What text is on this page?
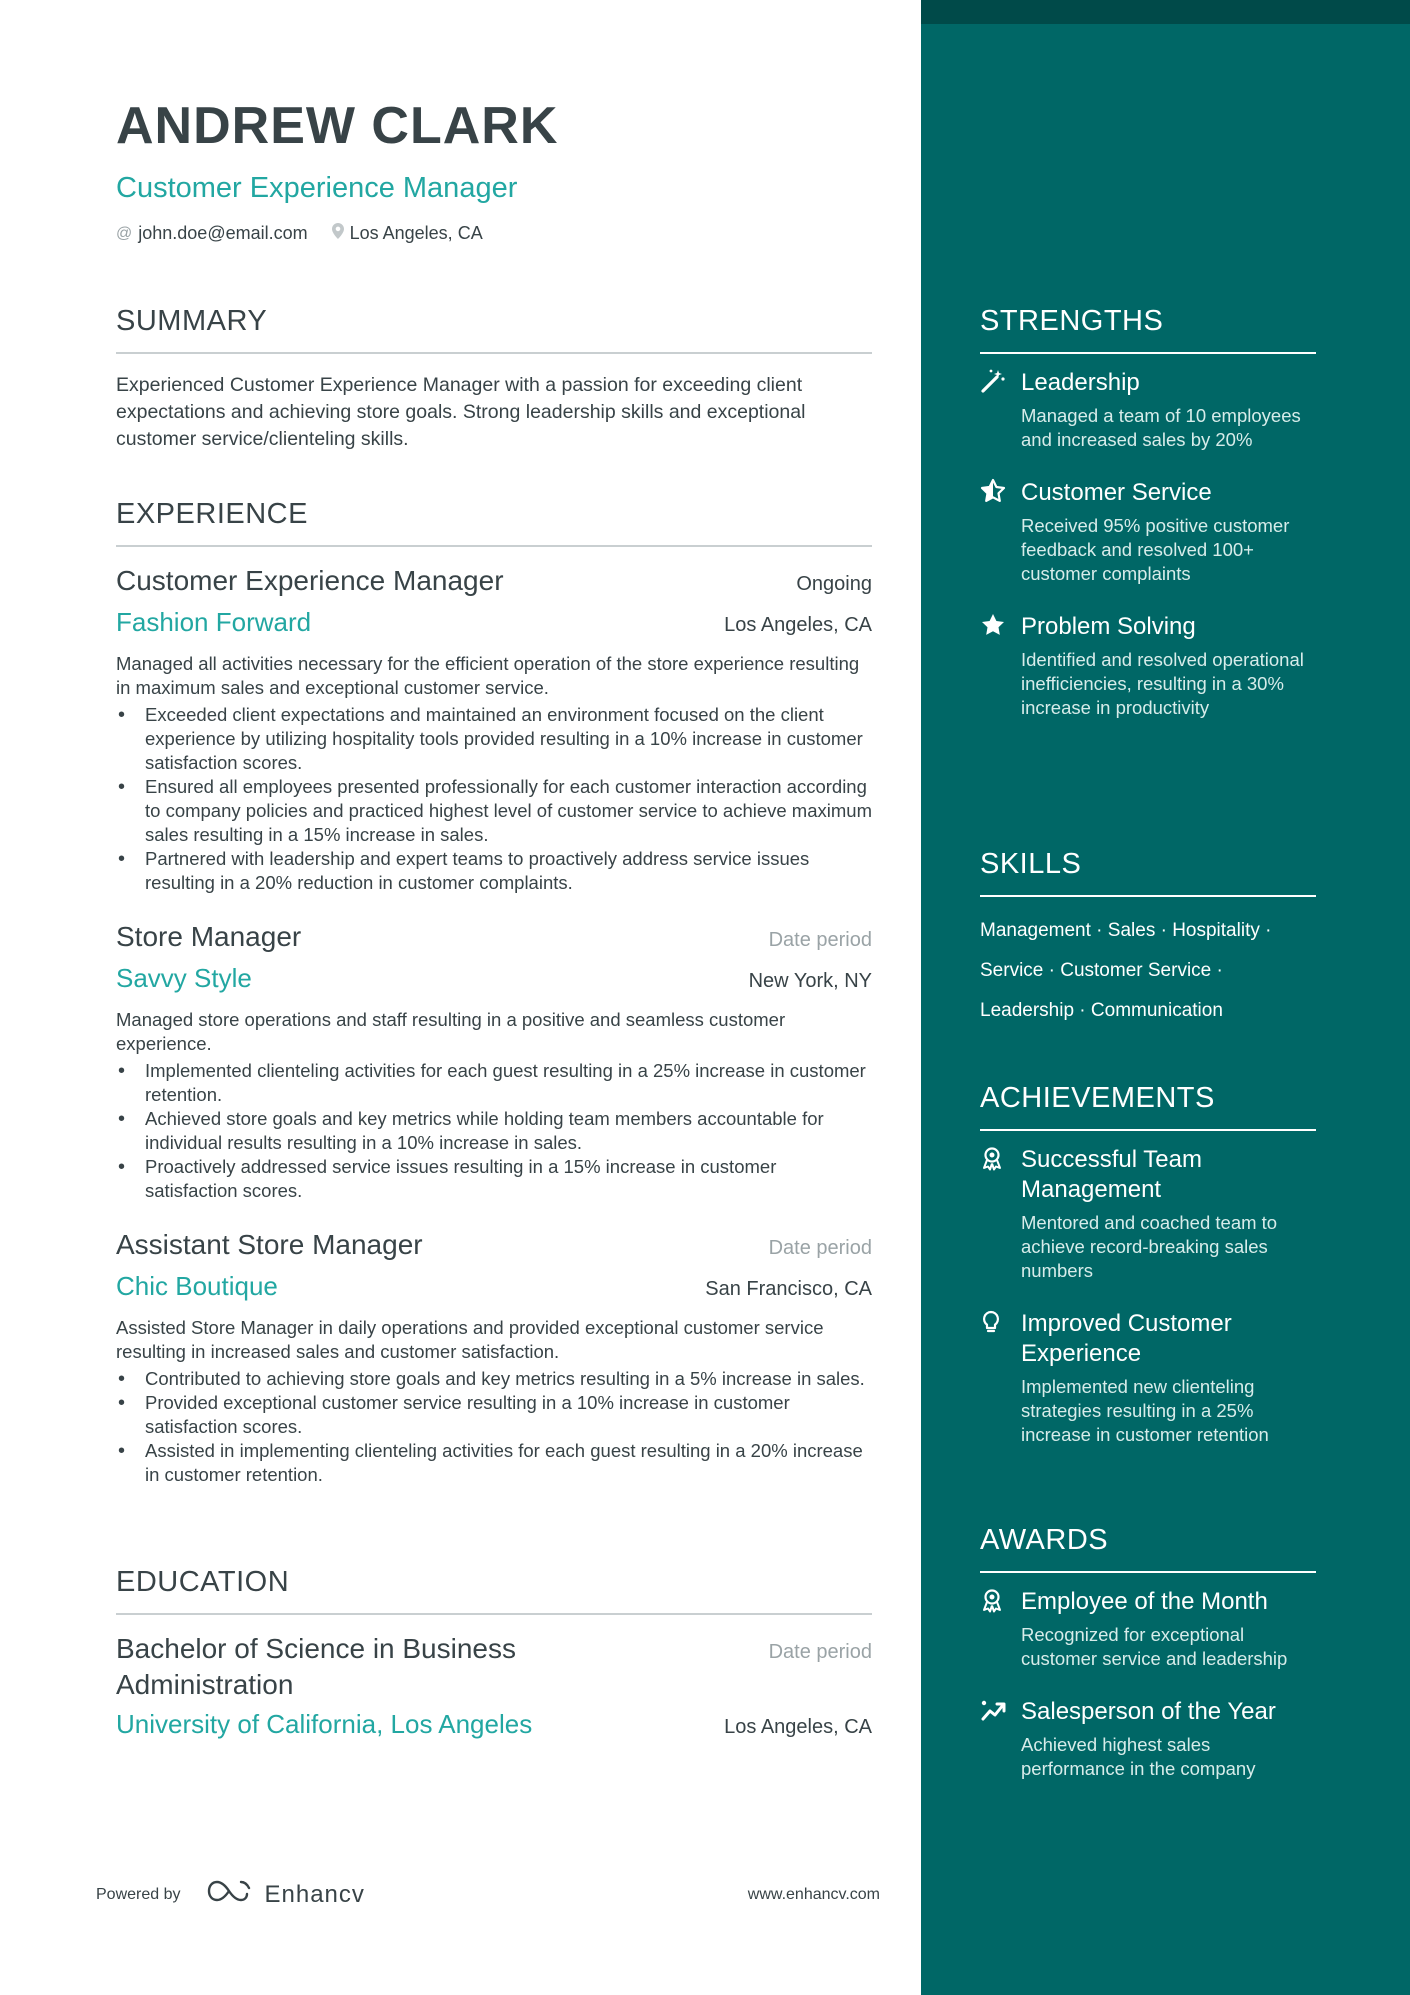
ANDREW CLARK
Customer Experience Manager
@ john.doe@email.com Los Angeles, CA
SUMMARY

Experienced Customer Experience Manager with a passion for exceeding client expectations and achieving store goals. Strong leadership skills and exceptional customer service/clienteling skills.

EXPERIENCE
Customer Experience Manager	Ongoing
Fashion Forward	Los Angeles, CA
Managed all activities necessary for the efficient operation of the store experience resulting in maximum sales and exceptional customer service.
• Exceeded client expectations and maintained an environment focused on the client experience by utilizing hospitality tools provided resulting in a 10% increase in customer satisfaction scores.
• Ensured all employees presented professionally for each customer interaction according to company policies and practiced highest level of customer service to achieve maximum sales resulting in a 15% increase in sales.
• Partnered with leadership and expert teams to proactively address service issues resulting in a 20% reduction in customer complaints.
Store Manager	Date period
Savvy Style	New York, NY
Managed store operations and staff resulting in a positive and seamless customer experience.
• Implemented clienteling activities for each guest resulting in a 25% increase in customer retention.
• Achieved store goals and key metrics while holding team members accountable for individual results resulting in a 10% increase in sales.
• Proactively addressed service issues resulting in a 15% increase in customer satisfaction scores.
Assistant Store Manager	Date period
Chic Boutique	San Francisco, CA
Assisted Store Manager in daily operations and provided exceptional customer service resulting in increased sales and customer satisfaction.
• Contributed to achieving store goals and key metrics resulting in a 5% increase in sales.
• Provided exceptional customer service resulting in a 10% increase in customer satisfaction scores.
• Assisted in implementing clienteling activities for each guest resulting in a 20% increase in customer retention.
EDUCATION
Bachelor of Science in Business Administration
Date period
University of California, Los Angeles	Los Angeles, CA
Powered by	Enhancv	www.enhancv.com
STRENGTHS
Leadership
Managed a team of 10 employees and increased sales by 20%
Customer Service
Received 95% positive customer feedback and resolved 100+ customer complaints
Problem Solving
Identified and resolved operational inefficiencies, resulting in a 30% increase in productivity
SKILLS
Management · Sales · Hospitality ·
Service · Customer Service ·
Leadership · Communication
ACHIEVEMENTS
Successful Team Management
Mentored and coached team to achieve record-breaking sales numbers
Improved Customer Experience
Implemented new clienteling strategies resulting in a 25% increase in customer retention
AWARDS
Employee of the Month
Recognized for exceptional customer service and leadership
Salesperson of the Year
Achieved highest sales performance in the company
